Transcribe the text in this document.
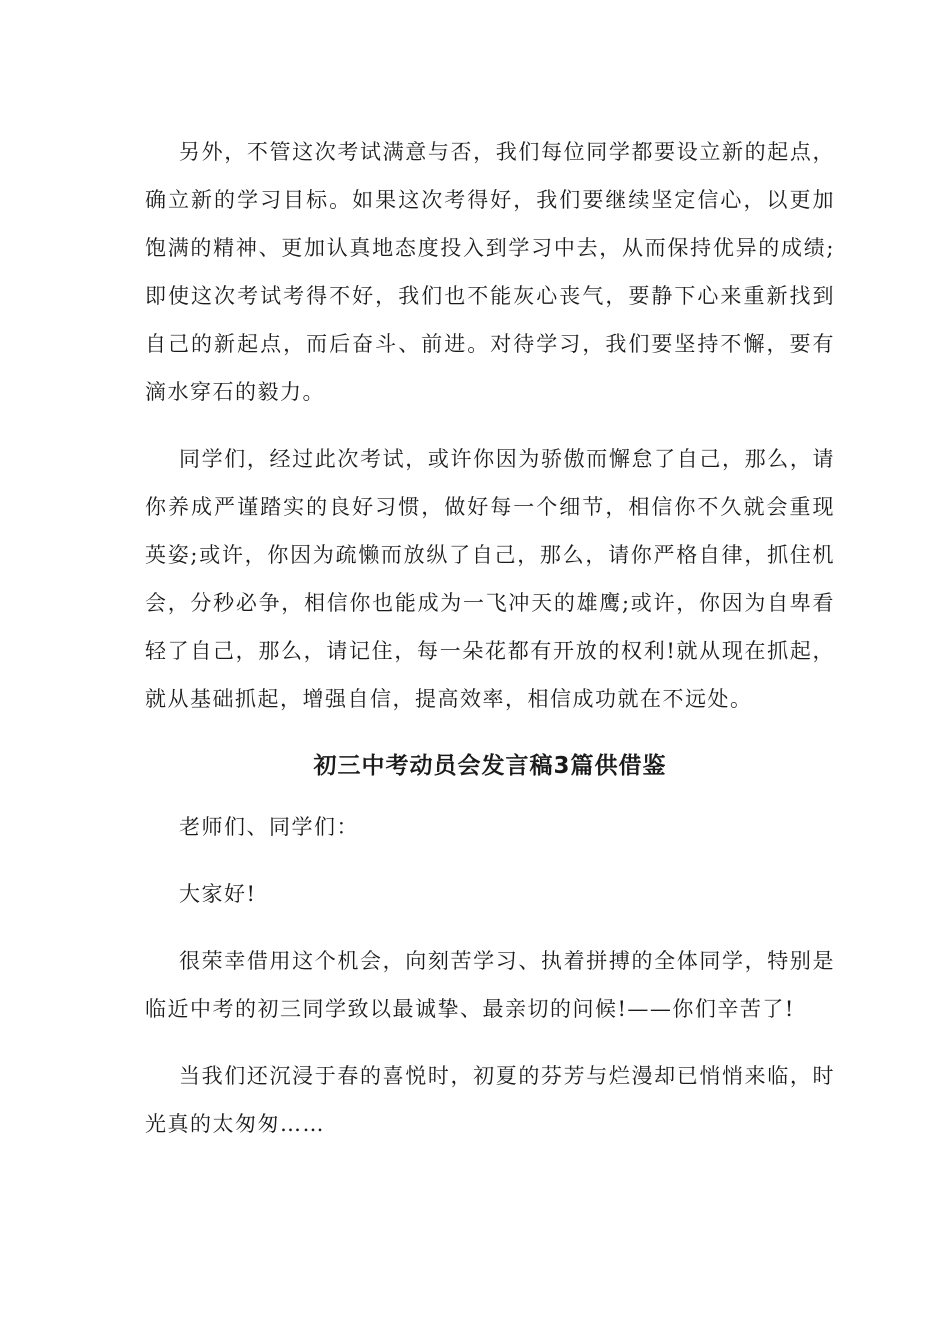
另外，不管这次考试满意与否，我们每位同学都要设立新的起点，确立新的学习目标。如果这次考得好，我们要继续坚定信心，以更加饱满的精神、更加认真地态度投入到学习中去，从而保持优异的成绩;即使这次考试考得不好，我们也不能灰心丧气，要静下心来重新找到自己的新起点，而后奋斗、前进。对待学习，我们要坚持不懈，要有滴水穿石的毅力。

同学们，经过此次考试，或许你因为骄傲而懈怠了自己，那么，请你养成严谨踏实的良好习惯，做好每一个细节，相信你不久就会重现英姿;或许，你因为疏懒而放纵了自己，那么，请你严格自律，抓住机会，分秒必争，相信你也能成为一飞冲天的雄鹰;或许，你因为自卑看轻了自己，那么，请记住，每一朵花都有开放的权利!就从现在抓起，就从基础抓起，增强自信，提高效率，相信成功就在不远处。

初三中考动员会发言稿3篇供借鉴

老师们、同学们：

大家好!

很荣幸借用这个机会，向刻苦学习、执着拼搏的全体同学，特别是临近中考的初三同学致以最诚挚、最亲切的问候!——你们辛苦了!

当我们还沉浸于春的喜悦时，初夏的芬芳与烂漫却已悄悄来临，时光真的太匆匆……
